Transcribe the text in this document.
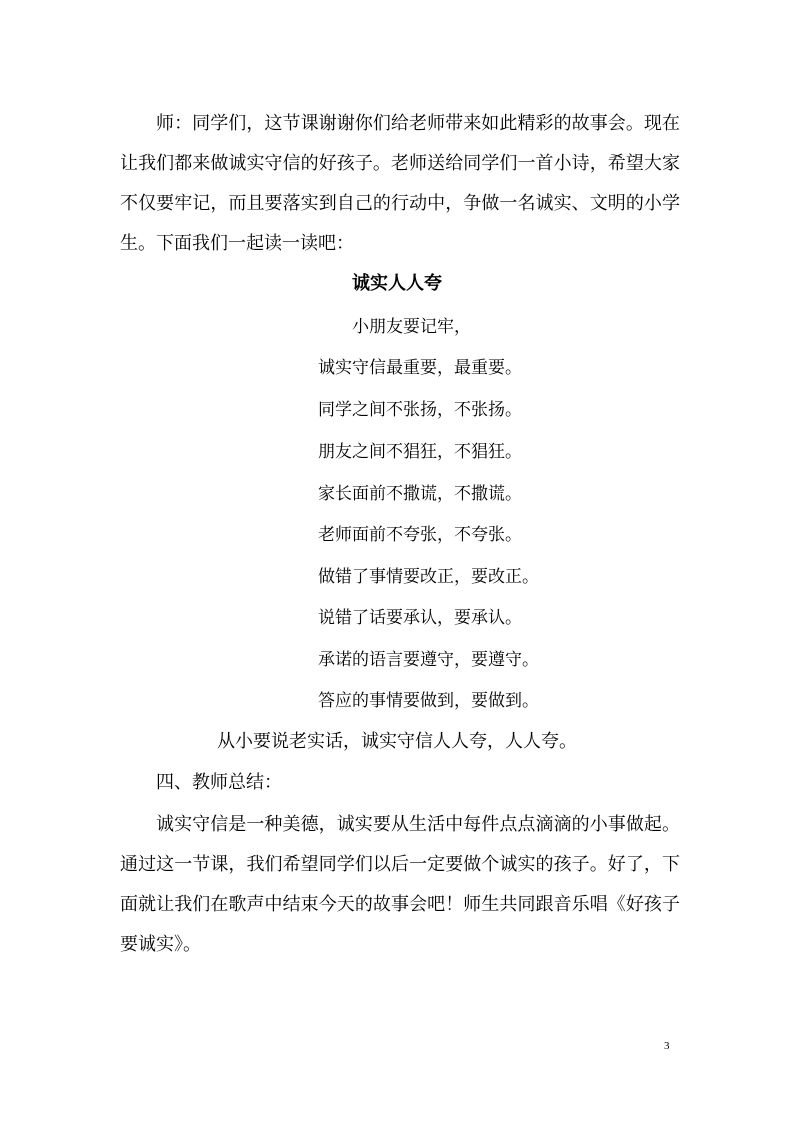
师：同学们，这节课谢谢你们给老师带来如此精彩的故事会。现在让我们都来做诚实守信的好孩子。老师送给同学们一首小诗，希望大家不仅要牢记，而且要落实到自己的行动中，争做一名诚实、文明的小学生。下面我们一起读一读吧：

诚实人人夸

小朋友要记牢，

诚实守信最重要，最重要。

同学之间不张扬，不张扬。

朋友之间不猖狂，不猖狂。

家长面前不撒谎，不撒谎。

老师面前不夸张，不夸张。

做错了事情要改正，要改正。

说错了话要承认，要承认。

承诺的语言要遵守，要遵守。

答应的事情要做到，要做到。

从小要说老实话，诚实守信人人夸，人人夸。

四、教师总结：

诚实守信是一种美德，诚实要从生活中每件点点滴滴的小事做起。通过这一节课，我们希望同学们以后一定要做个诚实的孩子。好了，下面就让我们在歌声中结束今天的故事会吧！师生共同跟音乐唱《好孩子要诚实》。

3
